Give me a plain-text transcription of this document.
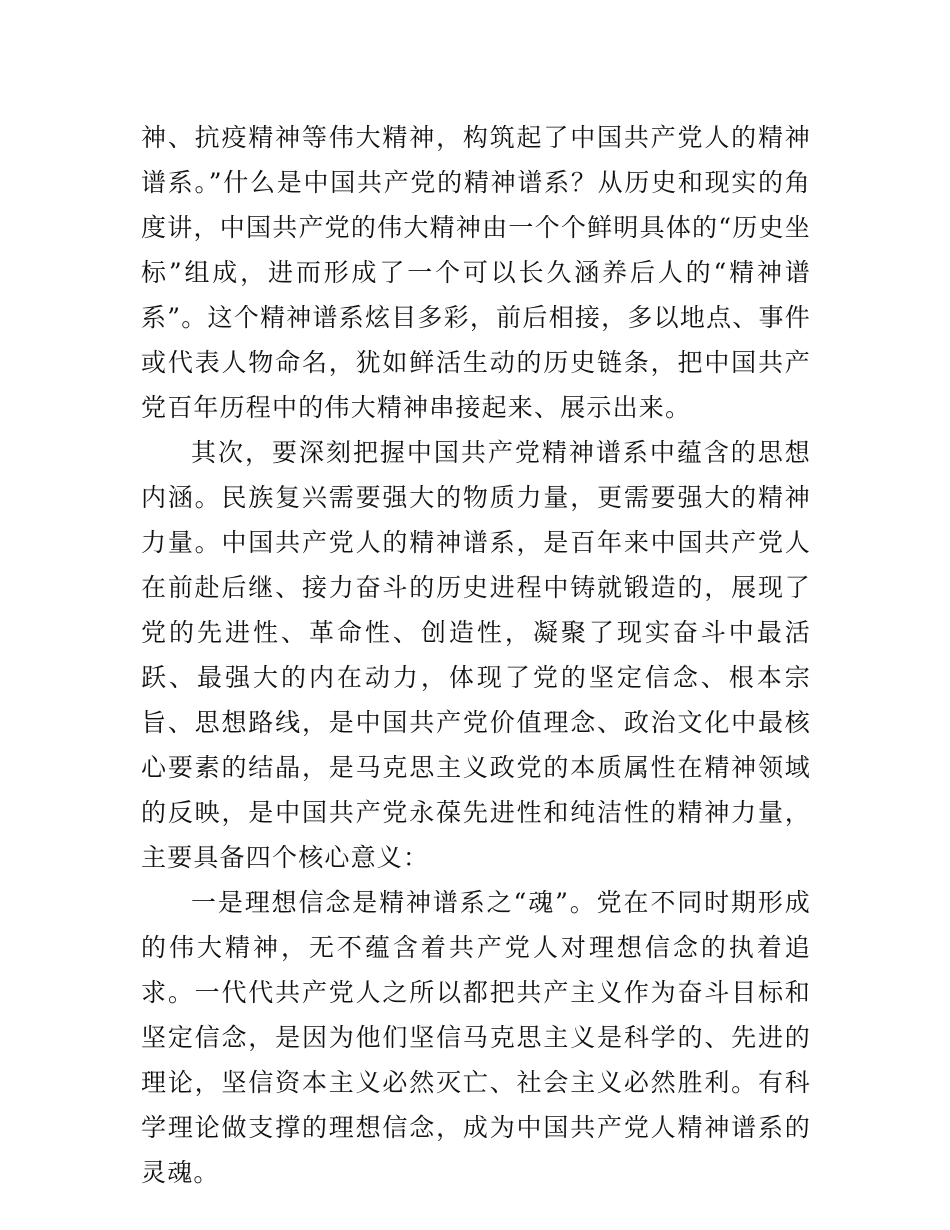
神、抗疫精神等伟大精神，构筑起了中国共产党人的精神谱系。”什么是中国共产党的精神谱系？从历史和现实的角度讲，中国共产党的伟大精神由一个个鲜明具体的“历史坐标”组成，进而形成了一个可以长久涵养后人的“精神谱系”。这个精神谱系炫目多彩，前后相接，多以地点、事件或代表人物命名，犹如鲜活生动的历史链条，把中国共产党百年历程中的伟大精神串接起来、展示出来。

其次，要深刻把握中国共产党精神谱系中蕴含的思想内涵。民族复兴需要强大的物质力量，更需要强大的精神力量。中国共产党人的精神谱系，是百年来中国共产党人在前赴后继、接力奋斗的历史进程中铸就锻造的，展现了党的先进性、革命性、创造性，凝聚了现实奋斗中最活跃、最强大的内在动力，体现了党的坚定信念、根本宗旨、思想路线，是中国共产党价值理念、政治文化中最核心要素的结晶，是马克思主义政党的本质属性在精神领域的反映，是中国共产党永葆先进性和纯洁性的精神力量，主要具备四个核心意义：

一是理想信念是精神谱系之“魂”。党在不同时期形成的伟大精神，无不蕴含着共产党人对理想信念的执着追求。一代代共产党人之所以都把共产主义作为奋斗目标和坚定信念，是因为他们坚信马克思主义是科学的、先进的理论，坚信资本主义必然灭亡、社会主义必然胜利。有科学理论做支撑的理想信念，成为中国共产党人精神谱系的灵魂。
